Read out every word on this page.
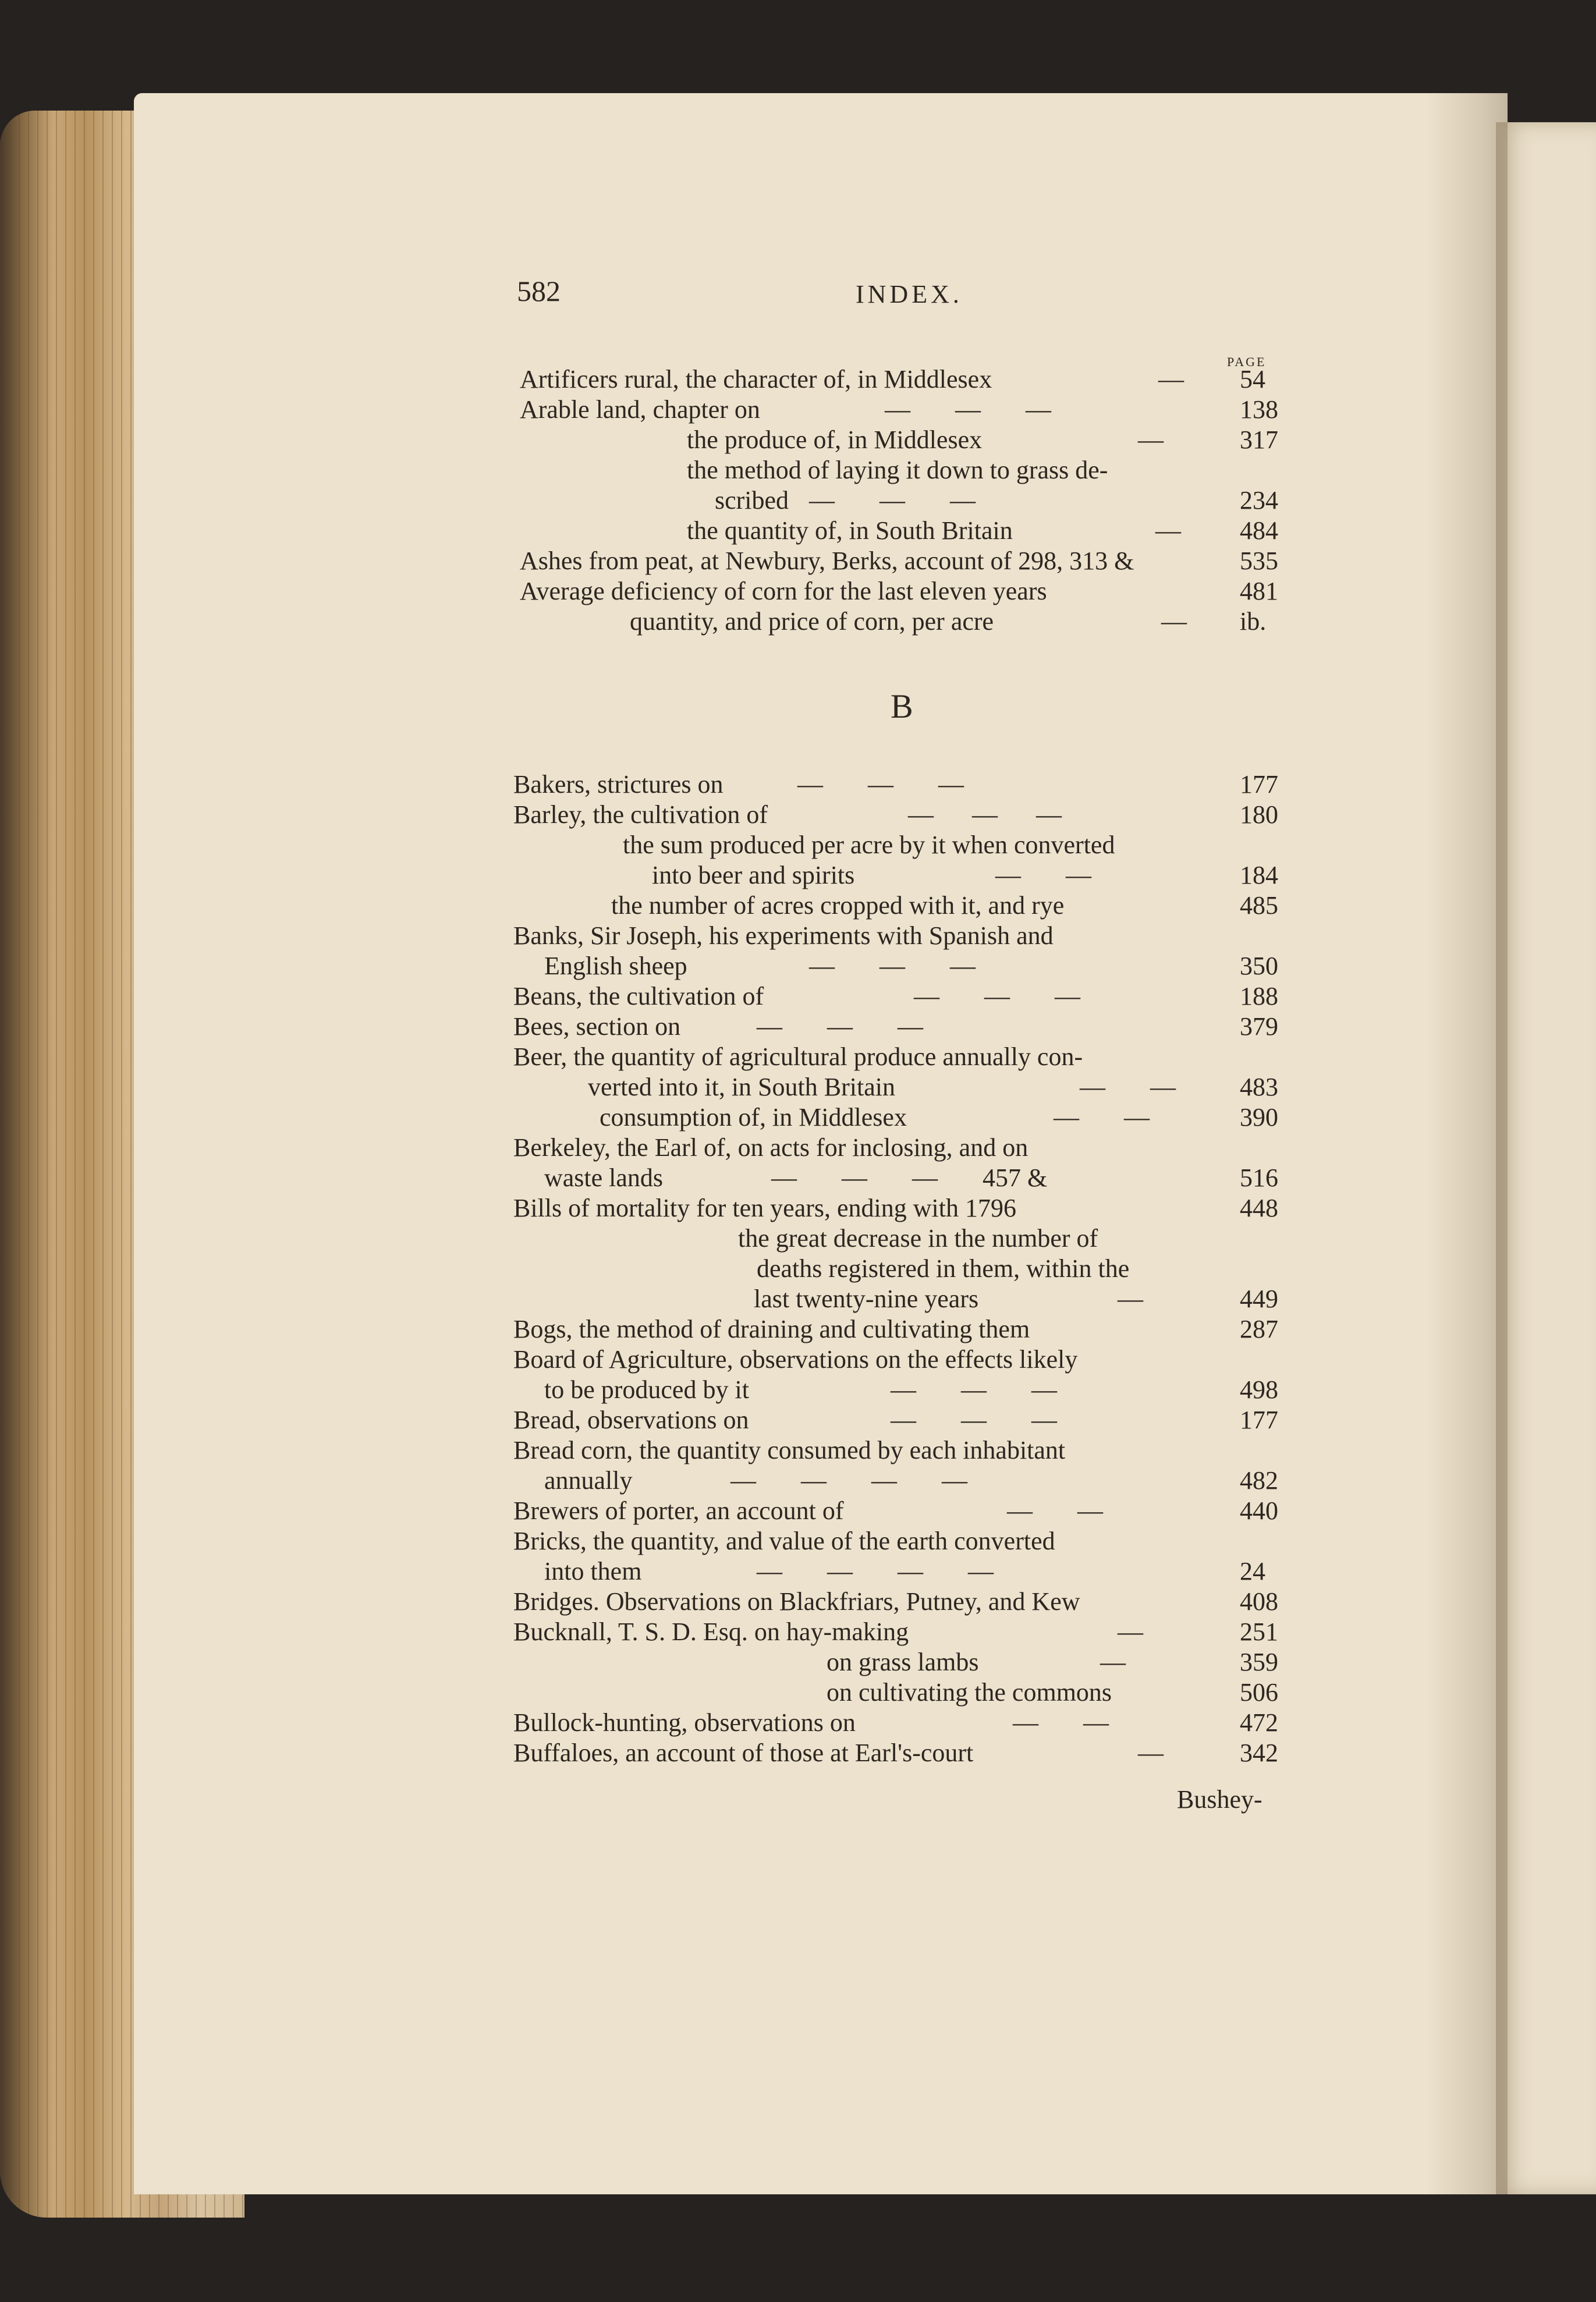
582	INDEX.
PAGE
B
Bushey-
Artificers rural, the character of, in Middlesex	— 54
Arable land, chapter on	—       —       —	138
the produce of, in Middlesex	—	317
the method of laying it down to grass de-
scribed —       —       —	234
the quantity of, in South Britain	— 484
Ashes from peat, at Newbury, Berks, account of 298, 313 &	535
Average deficiency of corn for the last eleven years	481
quantity, and price of corn, per acre	— ib.
Bakers, strictures on	—       —       —	177
Barley, the cultivation of	—      —      —	180
the sum produced per acre by it when converted
into beer and spirits	—       —	184
the number of acres cropped with it, and rye	485
Banks, Sir Joseph, his experiments with Spanish and
English sheep	—       —       —	350
Beans, the cultivation of	—       —       —	188
Bees, section on	—       —       —	379
Beer, the quantity of agricultural produce annually con-
verted into it, in South Britain	—       —	483
consumption of, in Middlesex	—       —	390
Berkeley, the Earl of, on acts for inclosing, and on
waste lands	—       —       —       457 &	516
Bills of mortality for ten years, ending with 1796	448
the great decrease in the number of
deaths registered in them, within the
last twenty-nine years	—	449
Bogs, the method of draining and cultivating them	287
Board of Agriculture, observations on the effects likely
to be produced by it	—       —       —	498
Bread, observations on	—       —       —	177
Bread corn, the quantity consumed by each inhabitant
annually	—       —       —       —	482
Brewers of porter, an account of	—       —	440
Bricks, the quantity, and value of the earth converted
into them	—       —       —       —	24
Bridges. Observations on Blackfriars, Putney, and Kew	408
Bucknall, T. S. D. Esq. on hay-making	—	251
on grass lambs	—	359
on cultivating the commons	506
Bullock-hunting, observations on	—       —	472
Buffaloes, an account of those at Earl's-court	—	342
